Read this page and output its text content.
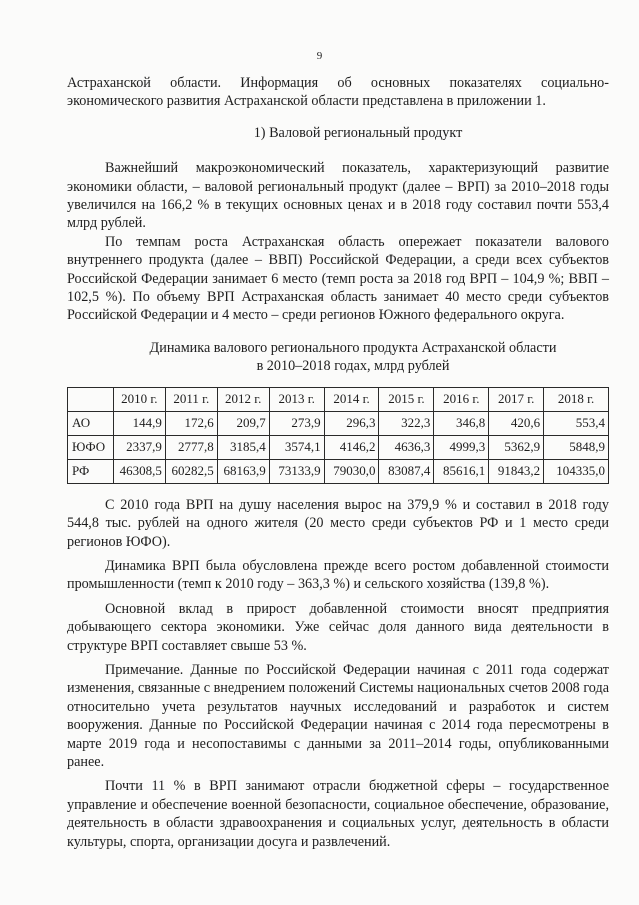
9

Астраханской области. Информация об основных показателях социально-экономического развития Астраханской области представлена в приложении 1.

1) Валовой региональный продукт

Важнейший макроэкономический показатель, характеризующий развитие экономики области, – валовой региональный продукт (далее – ВРП) за 2010–2018 годы увеличился на 166,2 % в текущих основных ценах и в 2018 году составил почти 553,4 млрд рублей.

По темпам роста Астраханская область опережает показатели валового внутреннего продукта (далее – ВВП) Российской Федерации, а среди всех субъектов Российской Федерации занимает 6 место (темп роста за 2018 год ВРП – 104,9 %; ВВП – 102,5 %). По объему ВРП Астраханская область занимает 40 место среди субъектов Российской Федерации и 4 место – среди регионов Южного федерального округа.

Динамика валового регионального продукта Астраханской области
в 2010–2018 годах, млрд рублей
	2010 г.	2011 г.	2012 г.	2013 г.	2014 г.	2015 г.	2016 г.	2017 г.	2018 г.
АО	144,9	172,6	209,7	273,9	296,3	322,3	346,8	420,6	553,4
ЮФО	2337,9	2777,8	3185,4	3574,1	4146,2	4636,3	4999,3	5362,9	5848,9
РФ	46308,5	60282,5	68163,9	73133,9	79030,0	83087,4	85616,1	91843,2	104335,0

С 2010 года ВРП на душу населения вырос на 379,9 % и составил в 2018 году 544,8 тыс. рублей на одного жителя (20 место среди субъектов РФ и 1 место среди регионов ЮФО).

Динамика ВРП была обусловлена прежде всего ростом добавленной стоимости промышленности (темп к 2010 году – 363,3 %) и сельского хозяйства (139,8 %).

Основной вклад в прирост добавленной стоимости вносят предприятия добывающего сектора экономики. Уже сейчас доля данного вида деятельности в структуре ВРП составляет свыше 53 %.

Примечание. Данные по Российской Федерации начиная с 2011 года содержат изменения, связанные с внедрением положений Системы национальных счетов 2008 года относительно учета результатов научных исследований и разработок и систем вооружения. Данные по Российской Федерации начиная с 2014 года пересмотрены в марте 2019 года и несопоставимы с данными за 2011–2014 годы, опубликованными ранее.

Почти 11 % в ВРП занимают отрасли бюджетной сферы – государственное управление и обеспечение военной безопасности, социальное обеспечение, образование, деятельность в области здравоохранения и социальных услуг, деятельность в области культуры, спорта, организации досуга и развлечений.
